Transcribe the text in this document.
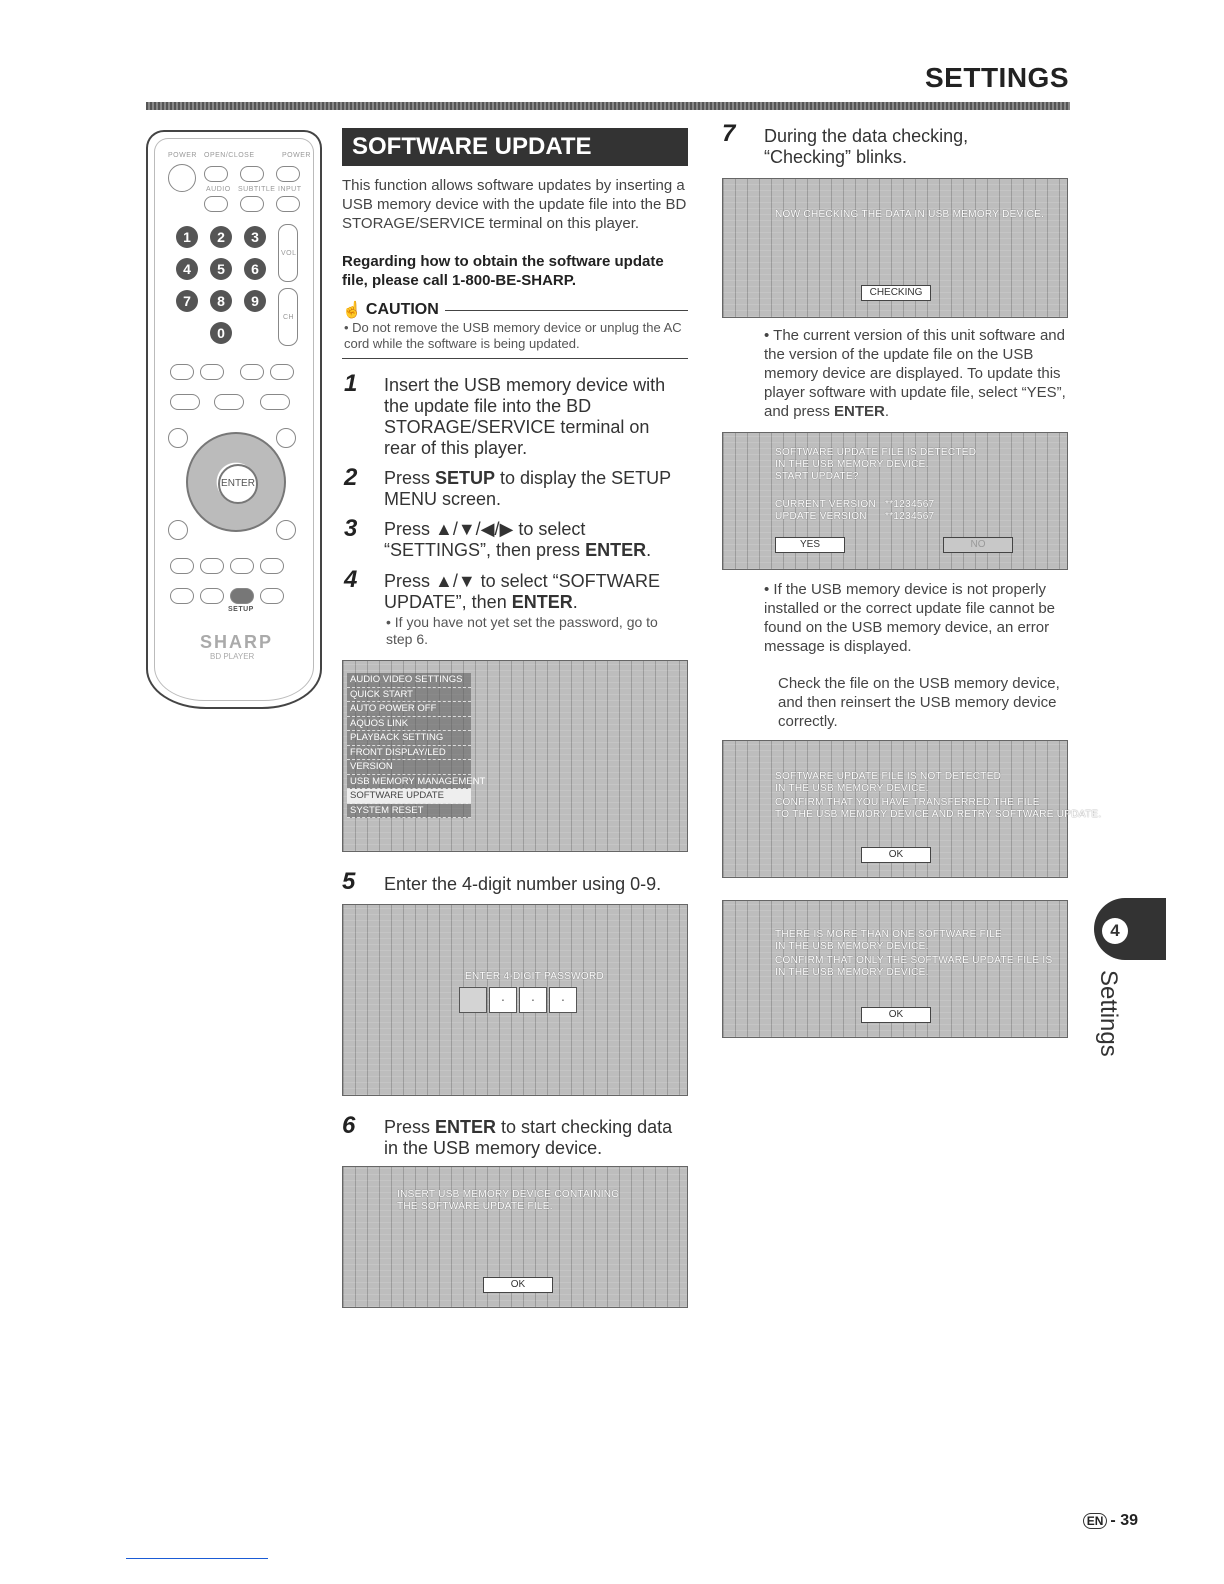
SETTINGS
POWER OPEN/CLOSE	POWER
AUDIO SUBTITLE INPUT
1	2	3
4	5	6
7	8	9
0
VOL
CH
ENTER
SETUP
SHARP
BD PLAYER
SOFTWARE UPDATE
This function allows software updates by inserting a USB memory device with the update file into the BD STORAGE/SERVICE terminal on this player.
Regarding how to obtain the software update file, please call 1-800-BE-SHARP.
☝ CAUTION
• Do not remove the USB memory device or unplug the AC cord while the software is being updated.
1 Insert the USB memory device with the update file into the BD STORAGE/SERVICE terminal on rear of this player.
2 Press SETUP to display the SETUP MENU screen.
3 Press ▲/▼/◀/▶ to select “SETTINGS”, then press ENTER.
4 Press ▲/▼ to select “SOFTWARE UPDATE”, then ENTER.
• If you have not yet set the password, go to step 6.
AUDIO VIDEO SETTINGS
QUICK START
AUTO POWER OFF
AQUOS LINK
PLAYBACK SETTING
FRONT DISPLAY/LED
VERSION
USB MEMORY MANAGEMENT
SOFTWARE UPDATE
SYSTEM RESET
5 Enter the 4-digit number using 0-9.
ENTER 4-DIGIT PASSWORD
·	·	·
6 Press ENTER to start checking data in the USB memory device.
INSERT USB MEMORY DEVICE CONTAINING
THE SOFTWARE UPDATE FILE.
OK
7 During the data checking, “Checking” blinks.
NOW CHECKING THE DATA IN USB MEMORY DEVICE.
CHECKING
• The current version of this unit software and the version of the update file on the USB memory device are displayed. To update this player software with update file, select “YES”, and press ENTER.
SOFTWARE UPDATE FILE IS DETECTED
IN THE USB MEMORY DEVICE.
START UPDATE?
CURRENT VERSION **1234567
UPDATE VERSION **1234567
YES	NO
• If the USB memory device is not properly installed or the correct update file cannot be found on the USB memory device, an error message is displayed.
Check the file on the USB memory device, and then reinsert the USB memory device correctly.
SOFTWARE UPDATE FILE IS NOT DETECTED
IN THE USB MEMORY DEVICE.
CONFIRM THAT YOU HAVE TRANSFERRED THE FILE
TO THE USB MEMORY DEVICE AND RETRY SOFTWARE UPDATE.
OK
THERE IS MORE THAN ONE SOFTWARE FILE
IN THE USB MEMORY DEVICE.
CONFIRM THAT ONLY THE SOFTWARE UPDATE FILE IS
IN THE USB MEMORY DEVICE.
OK
4
Settings
EN - 39
